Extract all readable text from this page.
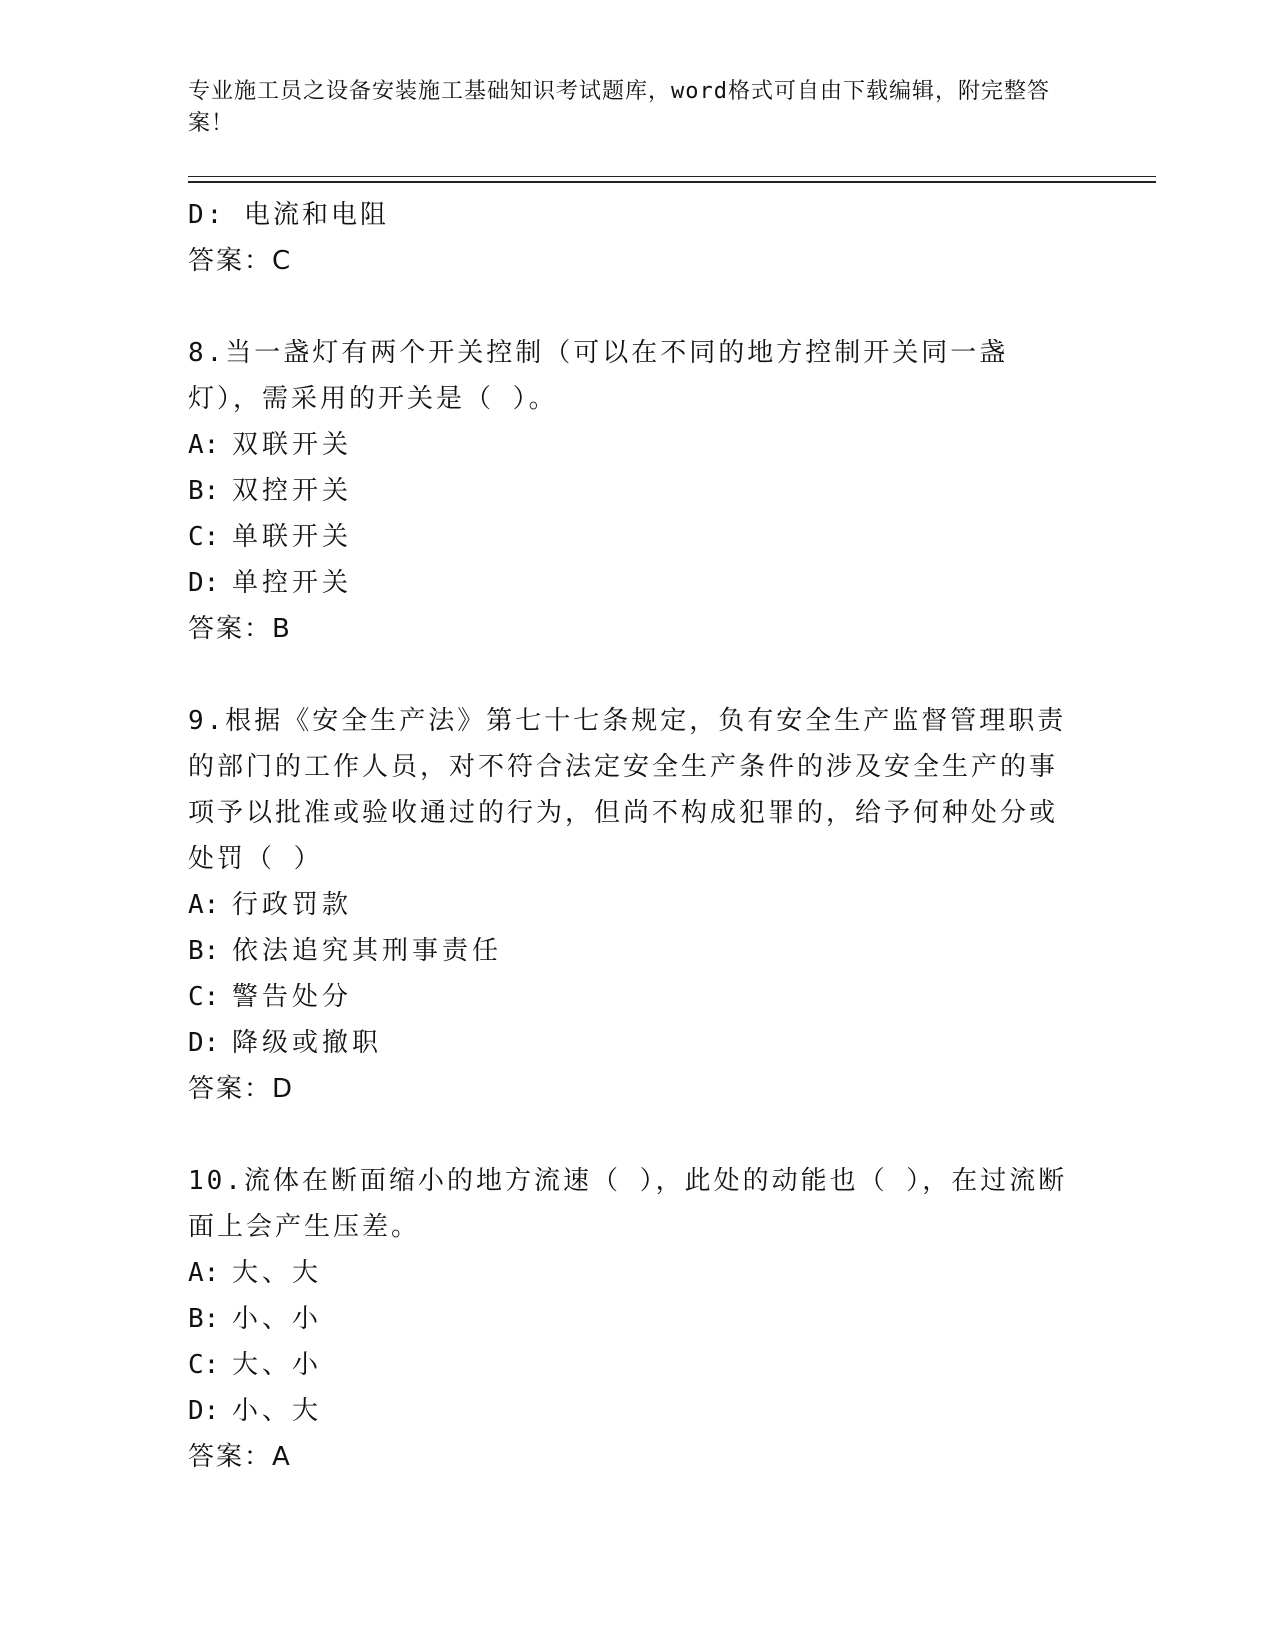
专业施工员之设备安装施工基础知识考试题库，word格式可自由下载编辑，附完整答案！
D: 电流和电阻
答案：C
8.当一盏灯有两个开关控制（可以在不同的地方控制开关同一盏灯），需采用的开关是（ ）。
A: 双联开关
B: 双控开关
C: 单联开关
D: 单控开关
答案：B
9.根据《安全生产法》第七十七条规定，负有安全生产监督管理职责的部门的工作人员，对不符合法定安全生产条件的涉及安全生产的事项予以批准或验收通过的行为，但尚不构成犯罪的，给予何种处分或处罚（ ）
A: 行政罚款
B: 依法追究其刑事责任
C: 警告处分
D: 降级或撤职
答案：D
10.流体在断面缩小的地方流速（ ），此处的动能也（ ），在过流断面上会产生压差。
A: 大、大
B: 小、小
C: 大、小
D: 小、大
答案：A
